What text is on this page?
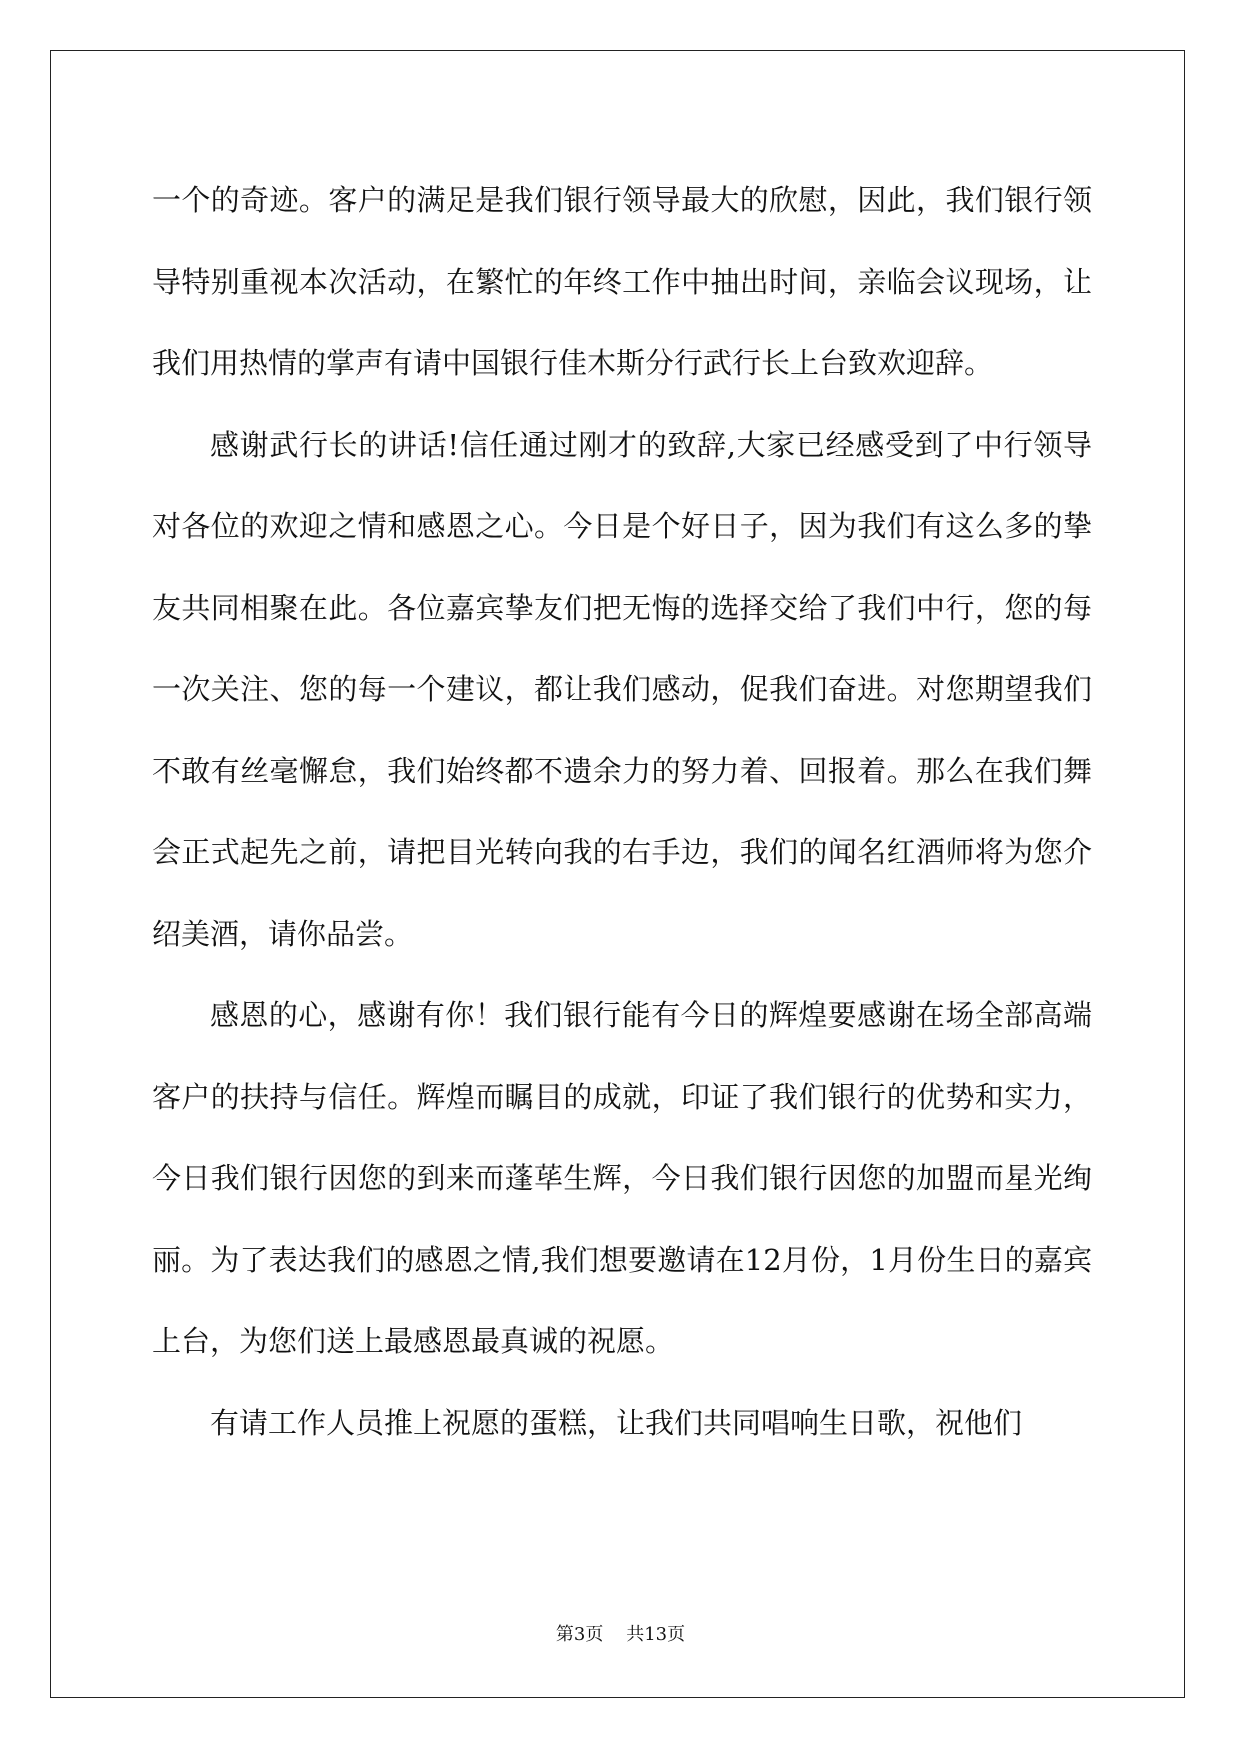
一个的奇迹。客户的满足是我们银行领导最大的欣慰，因此，我们银行领导特别重视本次活动，在繁忙的年终工作中抽出时间，亲临会议现场，让我们用热情的掌声有请中国银行佳木斯分行武行长上台致欢迎辞。

感谢武行长的讲话!信任通过刚才的致辞,大家已经感受到了中行领导对各位的欢迎之情和感恩之心。今日是个好日子，因为我们有这么多的挚友共同相聚在此。各位嘉宾挚友们把无悔的选择交给了我们中行，您的每一次关注、您的每一个建议，都让我们感动，促我们奋进。对您期望我们不敢有丝毫懈怠，我们始终都不遗余力的努力着、回报着。那么在我们舞会正式起先之前，请把目光转向我的右手边，我们的闻名红酒师将为您介绍美酒，请你品尝。

感恩的心，感谢有你！我们银行能有今日的辉煌要感谢在场全部高端客户的扶持与信任。辉煌而瞩目的成就，印证了我们银行的优势和实力，今日我们银行因您的到来而蓬荜生辉，今日我们银行因您的加盟而星光绚丽。为了表达我们的感恩之情,我们想要邀请在12月份，1月份生日的嘉宾上台，为您们送上最感恩最真诚的祝愿。

有请工作人员推上祝愿的蛋糕，让我们共同唱响生日歌，祝他们

第3页    共13页
